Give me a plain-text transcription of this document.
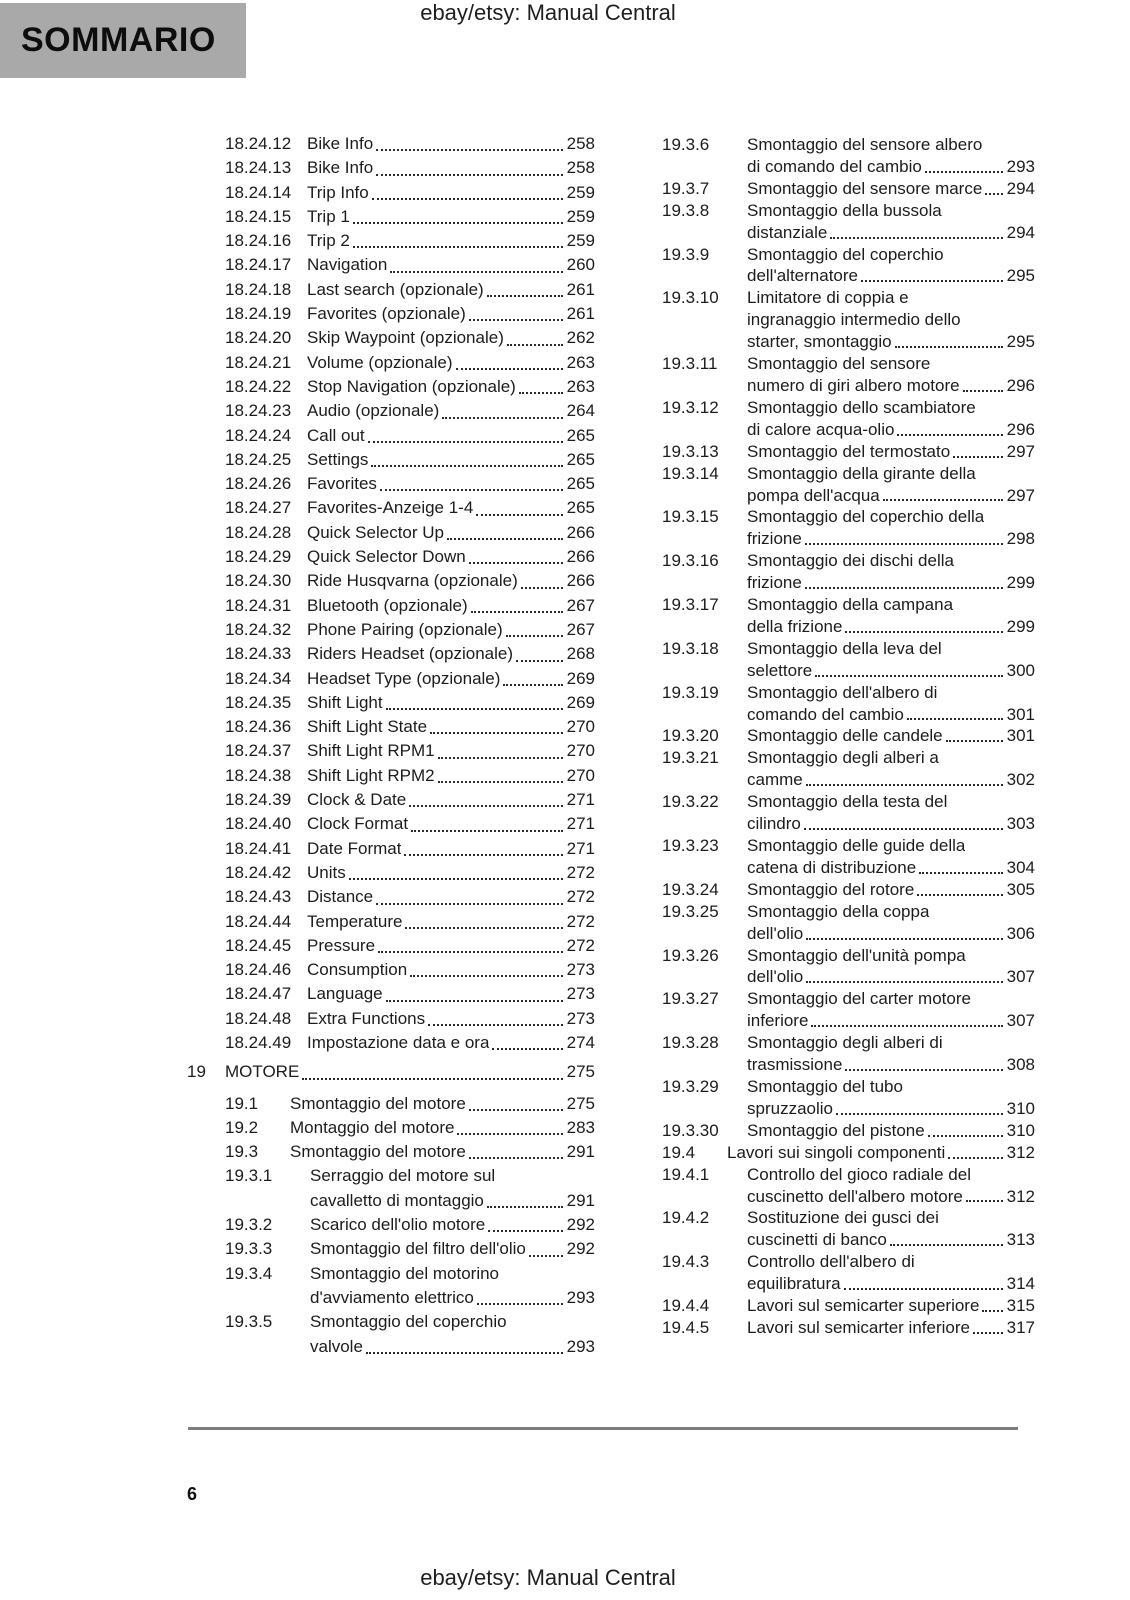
SOMMARIO
ebay/etsy: Manual Central
18.24.12 Bike Info	258
18.24.13 Bike Info	258
18.24.14 Trip Info	259
18.24.15 Trip 1	259
18.24.16 Trip 2	259
18.24.17 Navigation	260
18.24.18 Last search (opzionale)	261
18.24.19 Favorites (opzionale)	261
18.24.20 Skip Waypoint (opzionale)	262
18.24.21 Volume (opzionale)	263
18.24.22 Stop Navigation (opzionale)	263
18.24.23 Audio (opzionale)	264
18.24.24 Call out	265
18.24.25 Settings	265
18.24.26 Favorites	265
18.24.27 Favorites-Anzeige 1-4	265
18.24.28 Quick Selector Up	266
18.24.29 Quick Selector Down	266
18.24.30 Ride Husqvarna (opzionale)	266
18.24.31 Bluetooth (opzionale)	267
18.24.32 Phone Pairing (opzionale)	267
18.24.33 Riders Headset (opzionale)	268
18.24.34 Headset Type (opzionale)	269
18.24.35 Shift Light	269
18.24.36 Shift Light State	270
18.24.37 Shift Light RPM1	270
18.24.38 Shift Light RPM2	270
18.24.39 Clock & Date	271
18.24.40 Clock Format	271
18.24.41 Date Format	271
18.24.42 Units	272
18.24.43 Distance	272
18.24.44 Temperature	272
18.24.45 Pressure	272
18.24.46 Consumption	273
18.24.47 Language	273
18.24.48 Extra Functions	273
18.24.49 Impostazione data e ora	274
19 MOTORE	275
19.1 Smontaggio del motore	275
19.2 Montaggio del motore	283
19.3 Smontaggio del motore	291
19.3.1 Serraggio del motore sul
cavalletto di montaggio	291
19.3.2 Scarico dell'olio motore	292
19.3.3 Smontaggio del filtro dell'olio 292
19.3.4 Smontaggio del motorino
d'avviamento elettrico	293
19.3.5 Smontaggio del coperchio
valvole	293
19.3.6 Smontaggio del sensore albero
di comando del cambio	293
19.3.7 Smontaggio del sensore marce 294
19.3.8 Smontaggio della bussola
distanziale	294
19.3.9 Smontaggio del coperchio
dell'alternatore	295
19.3.10 Limitatore di coppia e
ingranaggio intermedio dello
starter, smontaggio	295
19.3.11 Smontaggio del sensore
numero di giri albero motore	296
19.3.12 Smontaggio dello scambiatore
di calore acqua-olio	296
19.3.13 Smontaggio del termostato	297
19.3.14 Smontaggio della girante della
pompa dell'acqua	297
19.3.15 Smontaggio del coperchio della
frizione	298
19.3.16 Smontaggio dei dischi della
frizione	299
19.3.17 Smontaggio della campana
della frizione	299
19.3.18 Smontaggio della leva del
selettore	300
19.3.19 Smontaggio dell'albero di
comando del cambio	301
19.3.20 Smontaggio delle candele	301
19.3.21 Smontaggio degli alberi a
camme	302
19.3.22 Smontaggio della testa del
cilindro	303
19.3.23 Smontaggio delle guide della
catena di distribuzione	304
19.3.24 Smontaggio del rotore	305
19.3.25 Smontaggio della coppa
dell'olio	306
19.3.26 Smontaggio dell'unità pompa
dell'olio	307
19.3.27 Smontaggio del carter motore
inferiore	307
19.3.28 Smontaggio degli alberi di
trasmissione	308
19.3.29 Smontaggio del tubo
spruzzaolio	310
19.3.30 Smontaggio del pistone	310
19.4 Lavori sui singoli componenti	312
19.4.1 Controllo del gioco radiale del
cuscinetto dell'albero motore	312
19.4.2 Sostituzione dei gusci dei
cuscinetti di banco	313
19.4.3 Controllo dell'albero di
equilibratura	314
19.4.4 Lavori sul semicarter superiore 315
19.4.5 Lavori sul semicarter inferiore 317
6
ebay/etsy: Manual Central
